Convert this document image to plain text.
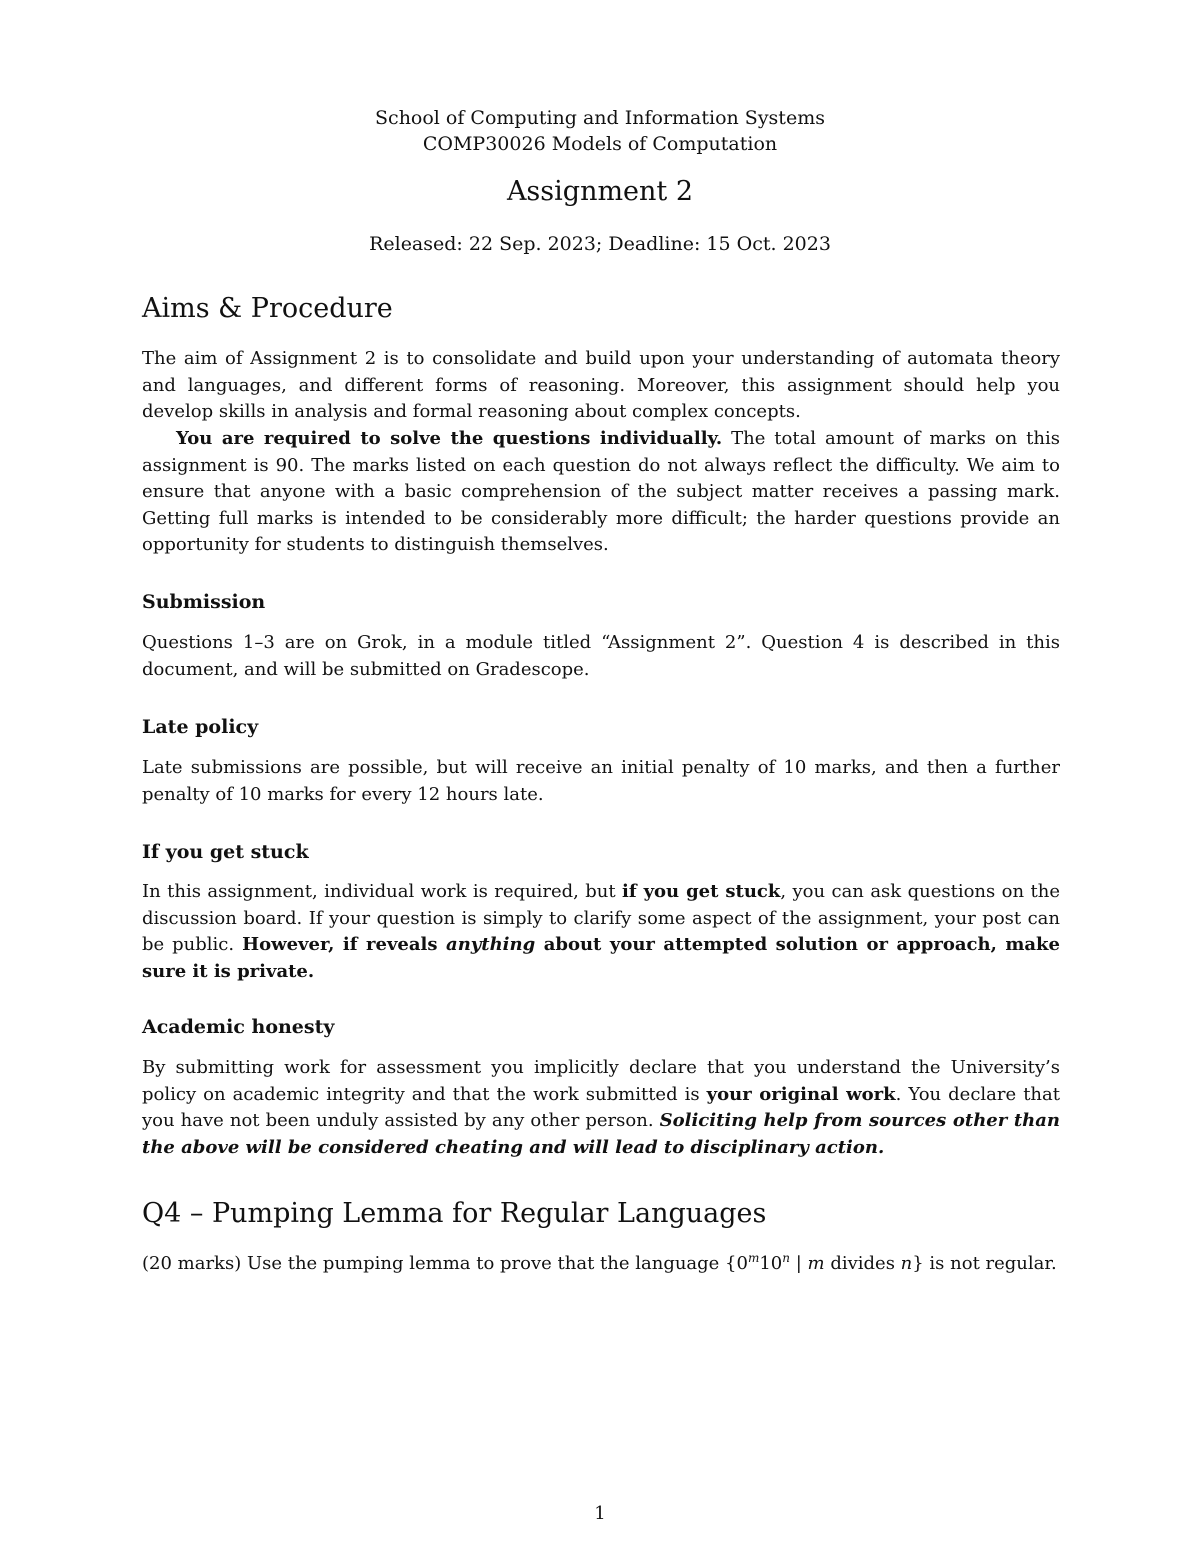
School of Computing and Information Systems
COMP30026 Models of Computation
Assignment 2
Released: 22 Sep. 2023; Deadline: 15 Oct. 2023
Aims & Procedure

The aim of Assignment 2 is to consolidate and build upon your understanding of automata theory and languages, and different forms of reasoning. Moreover, this assignment should help you develop skills in analysis and formal reasoning about complex concepts.

You are required to solve the questions individually. The total amount of marks on this assignment is 90. The marks listed on each question do not always reflect the difficulty. We aim to ensure that anyone with a basic comprehension of the subject matter receives a passing mark. Getting full marks is intended to be considerably more difficult; the harder questions provide an opportunity for students to distinguish themselves.

Submission

Questions 1–3 are on Grok, in a module titled “Assignment 2”. Question 4 is described in this document, and will be submitted on Gradescope.

Late policy

Late submissions are possible, but will receive an initial penalty of 10 marks, and then a further penalty of 10 marks for every 12 hours late.

If you get stuck

In this assignment, individual work is required, but if you get stuck, you can ask questions on the discussion board. If your question is simply to clarify some aspect of the assignment, your post can be public. However, if reveals anything about your attempted solution or approach, make sure it is private.

Academic honesty

By submitting work for assessment you implicitly declare that you understand the University’s policy on academic integrity and that the work submitted is your original work. You declare that you have not been unduly assisted by any other person. Soliciting help from sources other than the above will be considered cheating and will lead to disciplinary action.

Q4 – Pumping Lemma for Regular Languages

(20 marks) Use the pumping lemma to prove that the language {0$^m$10$^n$ | m divides n} is not regular.

1
